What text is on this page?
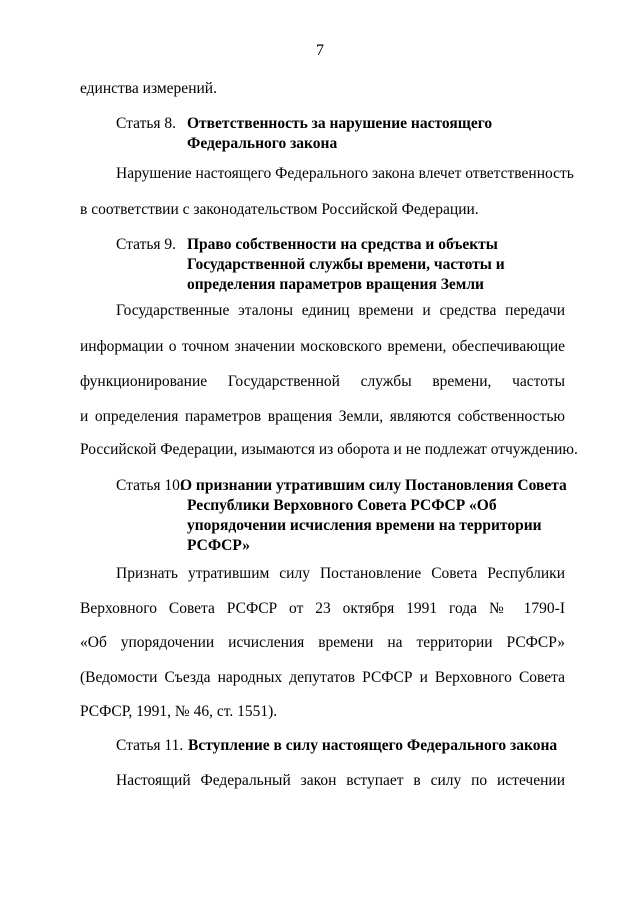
7
единства измерений.
Статья 8. Ответственность за нарушение настоящего
Федерального закона
Нарушение настоящего Федерального закона влечет ответственность
в соответствии с законодательством Российской Федерации.
Статья 9. Право собственности на средства и объекты
Государственной службы времени, частоты и
определения параметров вращения Земли
Государственные эталоны единиц времени и средства передачи
информации о точном значении московского времени, обеспечивающие
функционирование Государственной службы времени, частоты
и определения параметров вращения Земли, являются собственностью
Российской Федерации, изымаются из оборота и не подлежат отчуждению.
Статья 10.
О признании утратившим силу Постановления Совета
Республики Верховного Совета РСФСР «Об
упорядочении исчисления времени на территории
РСФСР»
Признать утратившим силу Постановление Совета Республики
Верховного Совета РСФСР от 23 октября 1991 года № 1790-I
«Об упорядочении исчисления времени на территории РСФСР»
(Ведомости Съезда народных депутатов РСФСР и Верховного Совета
РСФСР, 1991, № 46, ст. 1551).
Статья 11. Вступление в силу настоящего Федерального закона
Настоящий Федеральный закон вступает в силу по истечении
